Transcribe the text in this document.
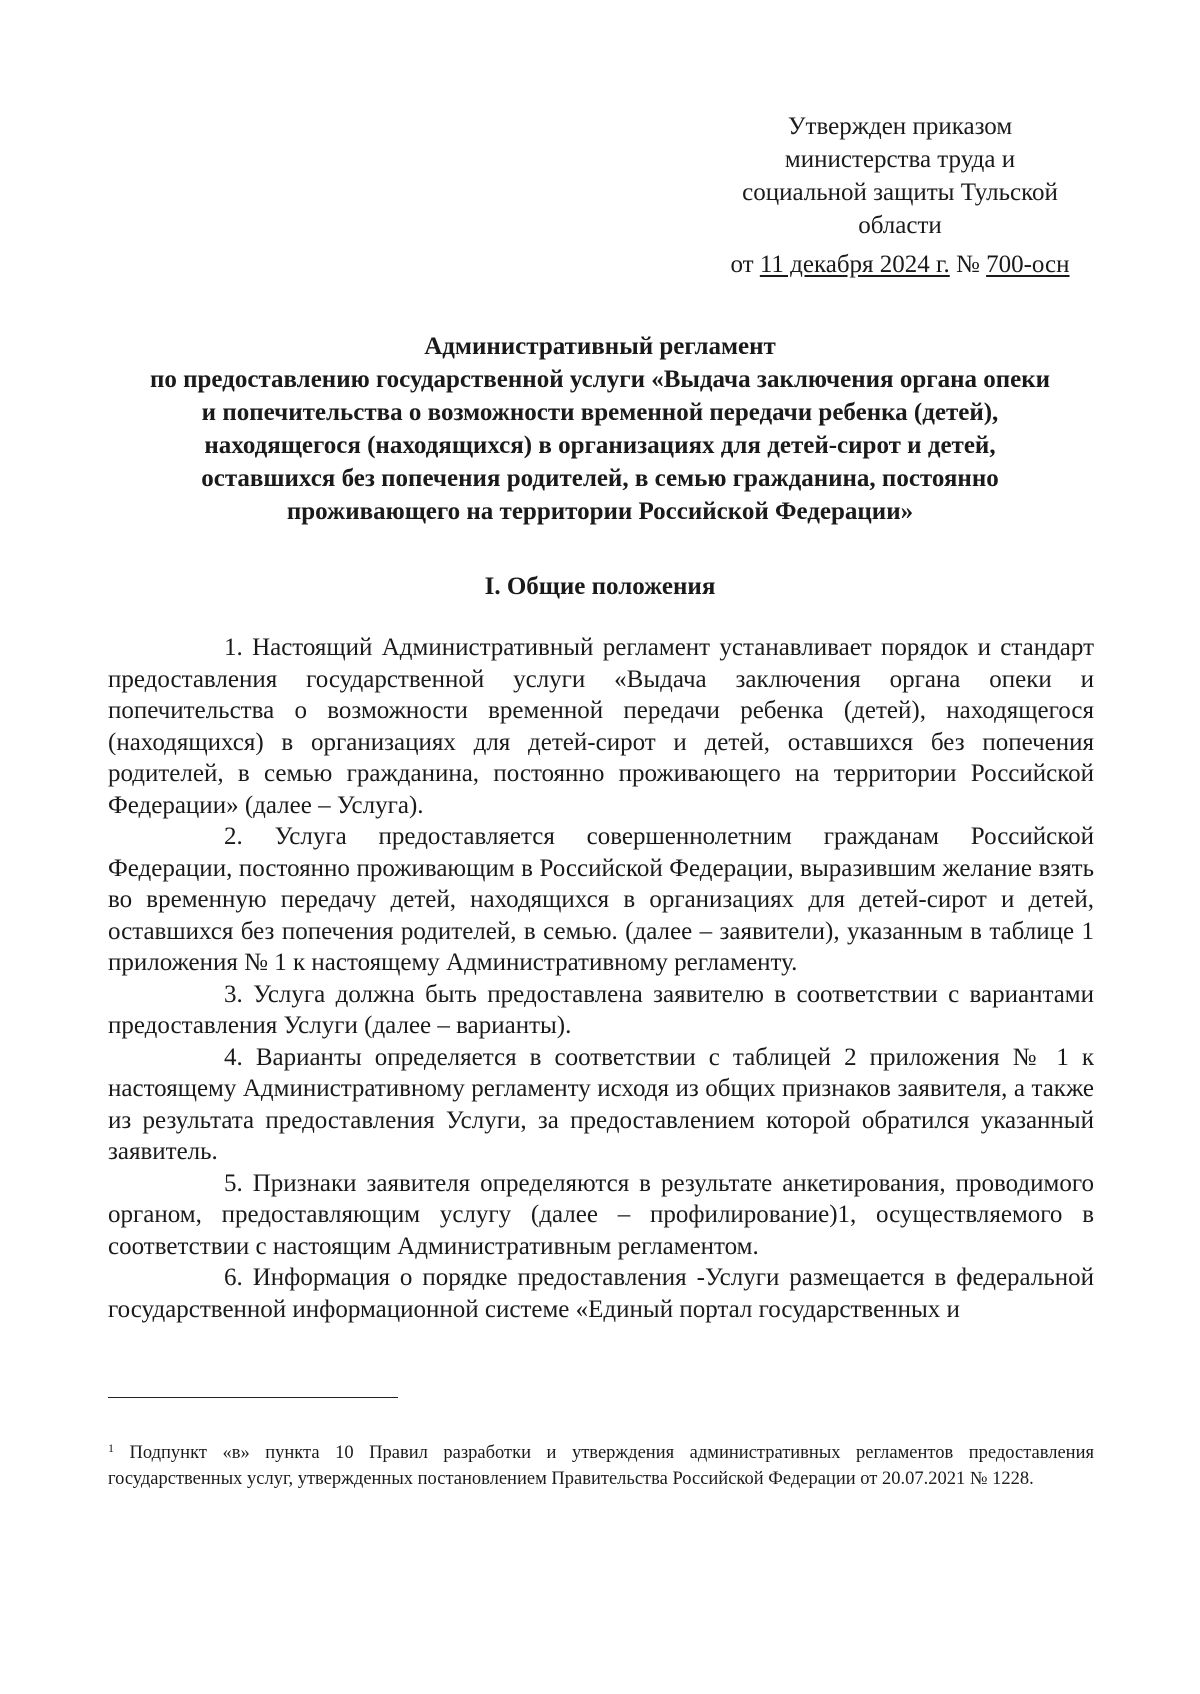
Утвержден приказом
министерства труда и
социальной защиты Тульской
области
от 11 декабря 2024 г. № 700-осн
Административный регламент
по предоставлению государственной услуги «Выдача заключения органа опеки
и попечительства о возможности временной передачи ребенка (детей),
находящегося (находящихся) в организациях для детей-сирот и детей,
оставшихся без попечения родителей, в семью гражданина, постоянно
проживающего на территории Российской Федерации»
I. Общие положения

1. Настоящий Административный регламент устанавливает порядок и стандарт предоставления государственной услуги «Выдача заключения органа опеки и попечительства о возможности временной передачи ребенка (детей), находящегося (находящихся) в организациях для детей-сирот и детей, оставшихся без попечения родителей, в семью гражданина, постоянно проживающего на территории Российской Федерации» (далее – Услуга).

2. Услуга предоставляется совершеннолетним гражданам Российской Федерации, постоянно проживающим в Российской Федерации, выразившим желание взять во временную передачу детей, находящихся в организациях для детей-сирот и детей, оставшихся без попечения родителей, в семью. (далее – заявители), указанным в таблице 1 приложения № 1 к настоящему Административному регламенту.

3. Услуга должна быть предоставлена заявителю в соответствии с вариантами предоставления Услуги (далее – варианты).

4. Варианты определяется в соответствии с таблицей 2 приложения № 1 к настоящему Административному регламенту исходя из общих признаков заявителя, а также из результата предоставления Услуги, за предоставлением которой обратился указанный заявитель.

5. Признаки заявителя определяются в результате анкетирования, проводимого органом, предоставляющим услугу (далее – профилирование)1, осуществляемого в соответствии с настоящим Административным регламентом.

6. Информация о порядке предоставления -Услуги размещается в федеральной государственной информационной системе «Единый портал государственных и

$^1$ Подпункт «в» пункта 10 Правил разработки и утверждения административных регламентов предоставления государственных услуг, утвержденных постановлением Правительства Российской Федерации от 20.07.2021 № 1228.
